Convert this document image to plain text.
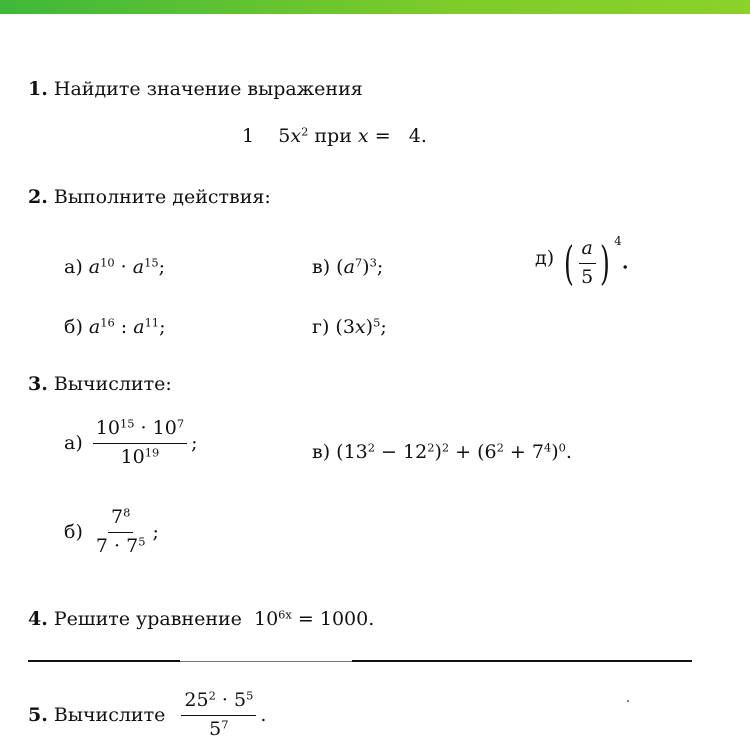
1. Найдите значение выражения
1 $5x^2$ при x = 4.
2. Выполните действия:
а) $a^{10} \cdot a^{15}$;	в) $(a^7)^3$;	д) ( $\frac{a}{5}$ ) 4
.
б) $a^{16}$ : $a^{11}$;	г) $(3x)^5$;
3. Вычислите:
$а) \frac{10^{15} \cdot 10^7}{10^{19}}$ ;	в) $(13^2 - 12^2)^2 + (6^2 + 7^4)^0$.
$б) \frac{7^8}{7 \cdot 7^5}$ ;
4. Решите уравнение $10^{6x} = 1000$.
5. Вычислите $\frac{25^2 \cdot 5^5}{5^7}$ .
